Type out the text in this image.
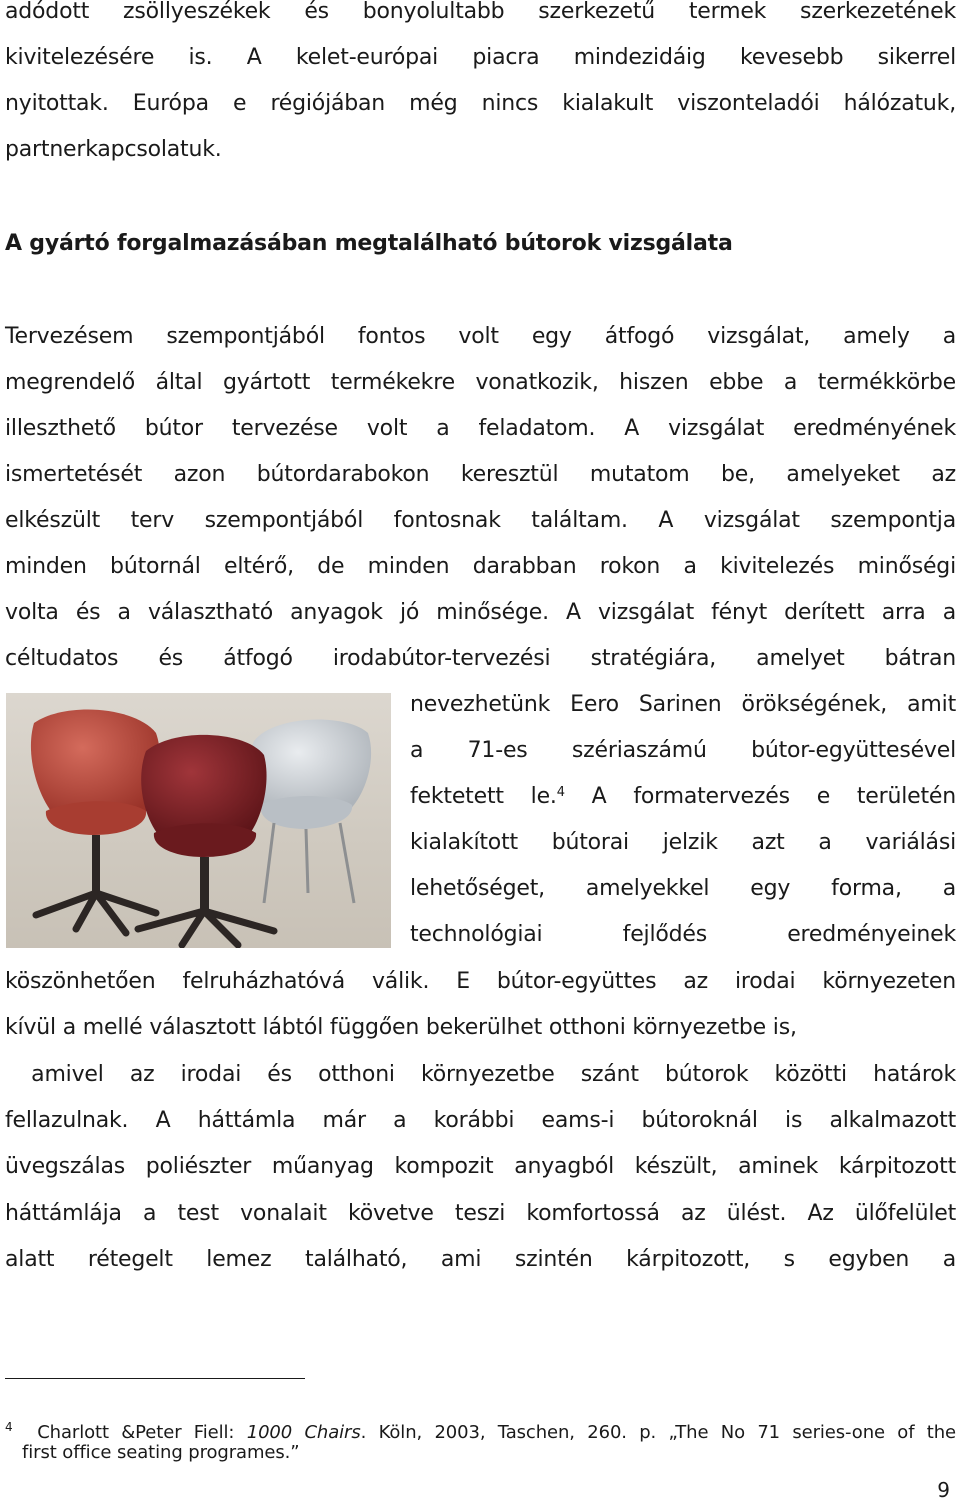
adódott zsöllyeszékek és bonyolultabb szerkezetű termek szerkezetének
kivitelezésére is. A kelet-európai piacra mindezidáig kevesebb sikerrel
nyitottak. Európa e régiójában még nincs kialakult viszonteladói hálózatuk,
partnerkapcsolatuk.
A gyártó forgalmazásában megtalálható bútorok vizsgálata
Tervezésem szempontjából fontos volt egy átfogó vizsgálat, amely a
megrendelő által gyártott termékekre vonatkozik, hiszen ebbe a termékkörbe
illeszthető bútor tervezése volt a feladatom. A vizsgálat eredményének
ismertetését azon bútordarabokon keresztül mutatom be, amelyeket az
elkészült terv szempontjából fontosnak találtam. A vizsgálat szempontja
minden bútornál eltérő, de minden darabban rokon a kivitelezés minőségi
volta és a választható anyagok jó minősége. A vizsgálat fényt derített arra a
céltudatos és átfogó irodabútor-tervezési stratégiára, amelyet bátran
nevezhetünk Eero Sarinen örökségének, amit
a 71-es szériaszámú bútor-együttesével
fektetett le.$^4$ A formatervezés e területén
kialakított bútorai jelzik azt a variálási
lehetőséget, amelyekkel egy forma, a
technológiai fejlődés eredményeinek
köszönhetően felruházhatóvá válik. E bútor-együttes az irodai környezeten
kívül a mellé választott lábtól függően bekerülhet otthoni környezetbe is,
amivel az irodai és otthoni környezetbe szánt bútorok közötti határok
fellazulnak. A háttámla már a korábbi eams-i bútoroknál is alkalmazott
üvegszálas poliészter műanyag kompozit anyagból készült, aminek kárpitozott
háttámlája a test vonalait követve teszi komfortossá az ülést. Az ülőfelület
alatt rétegelt lemez található, ami szintén kárpitozott, s egyben a
$^4$ Charlott &Peter Fiell: 1000 Chairs. Köln, 2003, Taschen, 260. p. „The No 71 series-one of the
first office seating programes.”
9
